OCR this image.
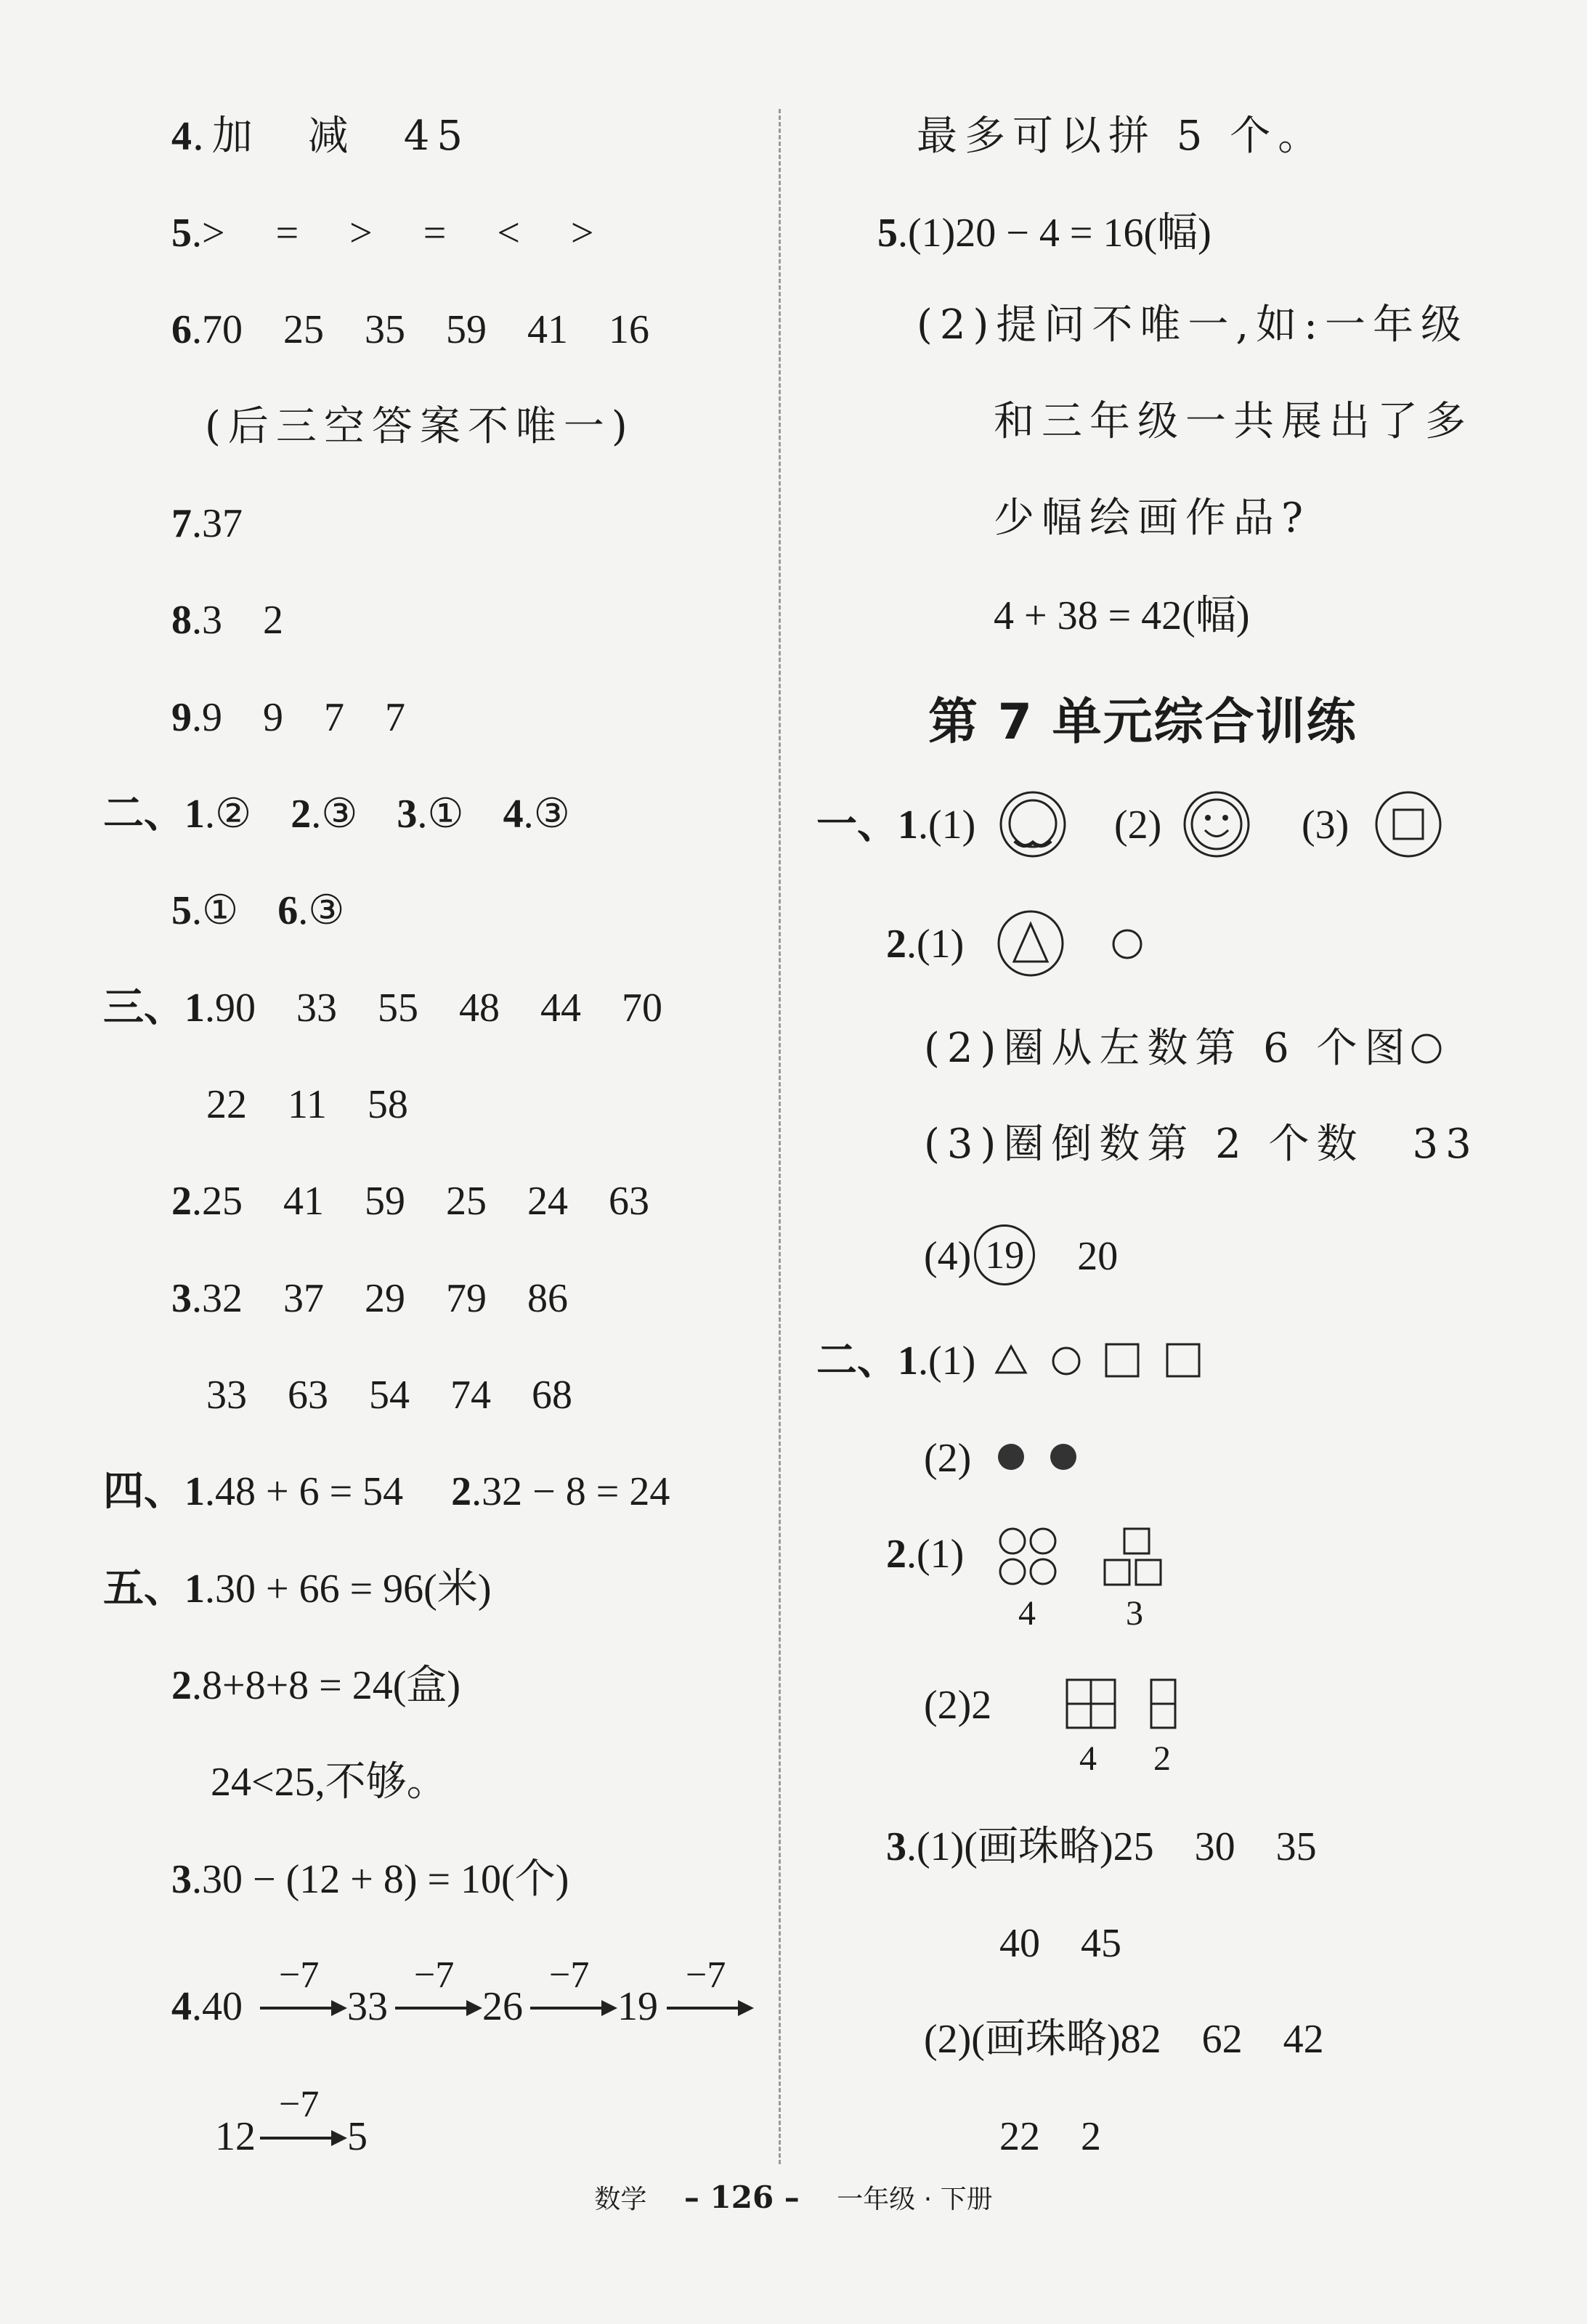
4.加　减　45
5.>　 =　 >　 =　 <　 >
6.70　25　35　59　41　16
(后三空答案不唯一)
7.37
8.3　2
9.9　9　7　7
二、1.② 2.③ 3.① 4.③
5.① 6.③
三、1.90　33　55　48　44　70
22　11　58
2.25　41　59　25　24　63
3.32　37　29　79　86
33　63　54　74　68
四、1.48 + 6 = 54 2.32 − 8 = 24
五、1.30 + 66 = 96(米)
2.8+8+8 = 24(盒)
24<25,不够。
3.30 − (12 + 8) = 10(个)
4.40
−7
33
−7
26
−7
19
−7
12
−7
5
最多可以拼 5 个。
5.(1)20 − 4 = 16(幅)
(2)提问不唯一,如:一年级
和三年级一共展出了多
少幅绘画作品?
4 + 38 = 42(幅)
第 7 单元综合训练
一、1.(1)	(2)	(3)
2.(1)
(2)圈从左数第 6 个图
(3)圈倒数第 2 个数　33
(4) 19 20
二、1.(1)
(2)
2.(1)
4	3
(2)2
4 2
3.(1)(画珠略)25　30　35
40　45
(2)(画珠略)82　62　42
22　2
数学 – 126 – 一年级 · 下册
